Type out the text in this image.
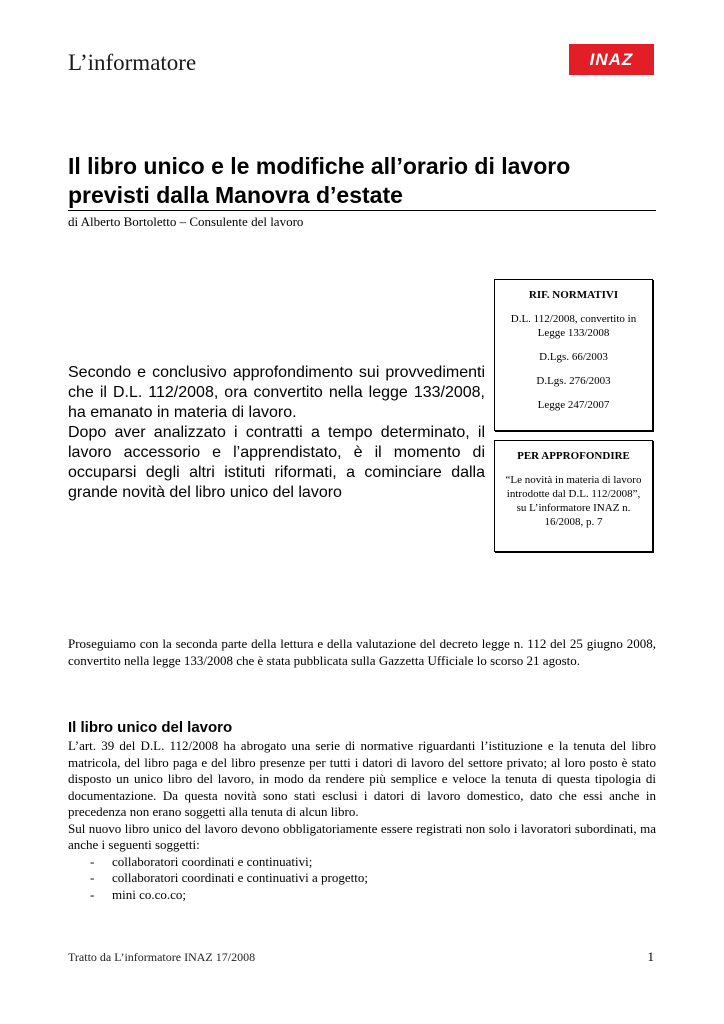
L’informatore	INAZ
Il libro unico e le modifiche all’orario di lavoro previsti dalla Manovra d’estate
di Alberto Bortoletto – Consulente del lavoro

Secondo e conclusivo approfondimento sui provvedimenti che il D.L. 112/2008, ora convertito nella legge 133/2008, ha emanato in materia di lavoro.

Dopo aver analizzato i contratti a tempo determinato, il lavoro accessorio e l’apprendistato, è il momento di occuparsi degli altri istituti riformati, a cominciare dalla grande novità del libro unico del lavoro

RIF. NORMATIVI

D.L. 112/2008, convertito in Legge 133/2008

D.Lgs. 66/2003

D.Lgs. 276/2003

Legge 247/2007

PER APPROFONDIRE

“Le novità in materia di lavoro introdotte dal D.L. 112/2008”, su L’informatore INAZ n. 16/2008, p. 7

Proseguiamo con la seconda parte della lettura e della valutazione del decreto legge n. 112 del 25 giugno 2008, convertito nella legge 133/2008 che è stata pubblicata sulla Gazzetta Ufficiale lo scorso 21 agosto.

Il libro unico del lavoro

L’art. 39 del D.L. 112/2008 ha abrogato una serie di normative riguardanti l’istituzione e la tenuta del libro matricola, del libro paga e del libro presenze per tutti i datori di lavoro del settore privato; al loro posto è stato disposto un unico libro del lavoro, in modo da rendere più semplice e veloce la tenuta di questa tipologia di documentazione. Da questa novità sono stati esclusi i datori di lavoro domestico, dato che essi anche in precedenza non erano soggetti alla tenuta di alcun libro.

Sul nuovo libro unico del lavoro devono obbligatoriamente essere registrati non solo i lavoratori subordinati, ma anche i seguenti soggetti:

- collaboratori coordinati e continuativi;
- collaboratori coordinati e continuativi a progetto;
- mini co.co.co;
Tratto da L’informatore INAZ 17/2008	1
